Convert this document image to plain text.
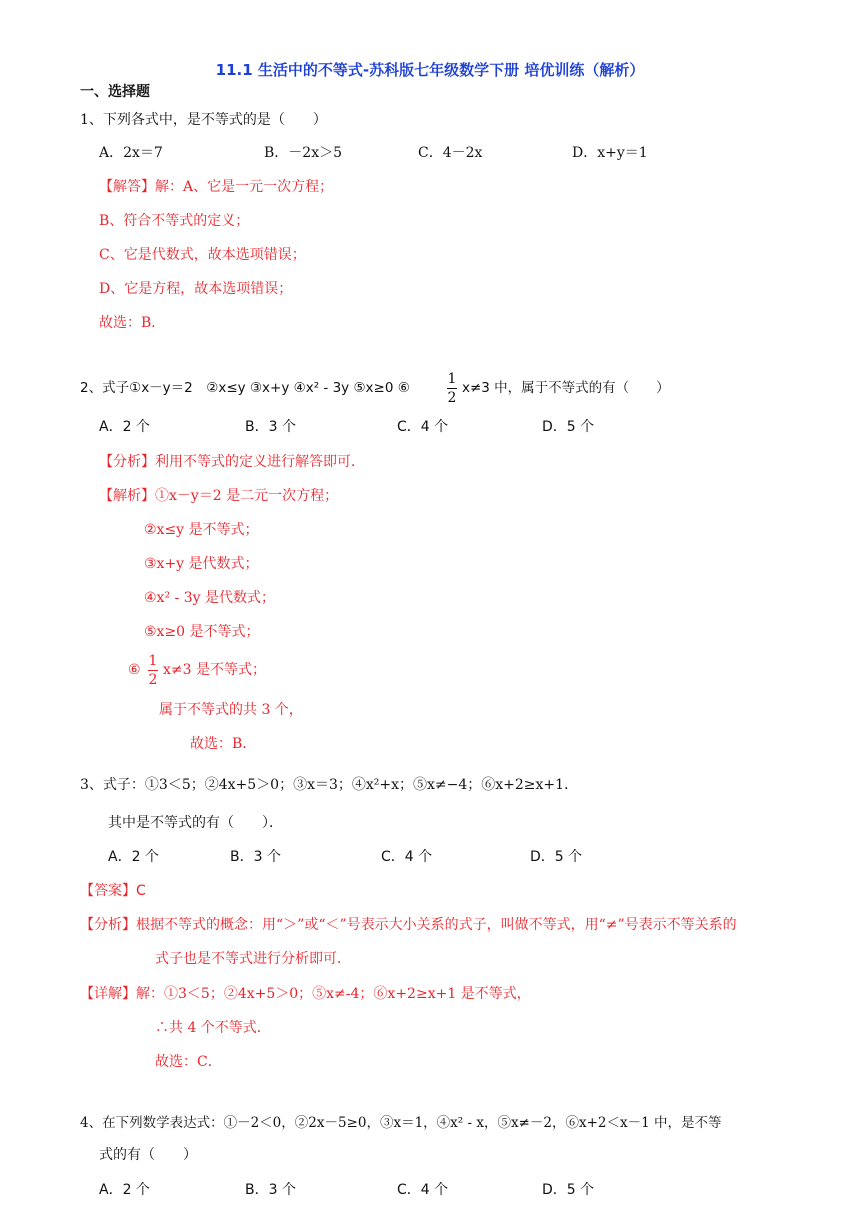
11.1 生活中的不等式-苏科版七年级数学下册 培优训练（解析）
一、选择题
1、下列各式中，是不等式的是（　　）
A．2x＝7	B．－2x＞5	C．4－2x	D．x+y＝1
【解答】解：A、它是一元一次方程；
B、符合不等式的定义；
C、它是代数式，故本选项错误；
D、它是方程，故本选项错误；
故选：B．
2、式子①x－y＝2　②x≤y ③x+y ④x² - 3y ⑤x≥0 ⑥
1
2
x≠3 中，属于不等式的有（　　）
A．2 个	B．3 个	C．4 个	D．5 个
【分析】利用不等式的定义进行解答即可．
【解析】①x－y＝2 是二元一次方程；
②x≤y 是不等式；
③x+y 是代数式；
④x² - 3y 是代数式；
⑤x≥0 是不等式；
⑥
1
2
x≠3 是不等式；
属于不等式的共 3 个，
故选：B．
3、式子：①3＜5；②4x+5＞0；③x＝3；④x²+x；⑤x≠−4；⑥x+2≥x+1．
其中是不等式的有（　　）．
A．2 个	B．3 个	C．4 个	D．5 个
【答案】C
【分析】根据不等式的概念：用“＞”或“＜”号表示大小关系的式子，叫做不等式，用“≠”号表示不等关系的
式子也是不等式进行分析即可．
【详解】解：①3＜5；②4x+5＞0；⑤x≠-4；⑥x+2≥x+1 是不等式，
∴共 4 个不等式．
故选：C．
4、在下列数学表达式：①－2＜0，②2x－5≥0，③x＝1，④x² - x，⑤x≠－2，⑥x+2＜x－1 中，是不等
式的有（　　）
A．2 个	B．3 个	C．4 个	D．5 个
